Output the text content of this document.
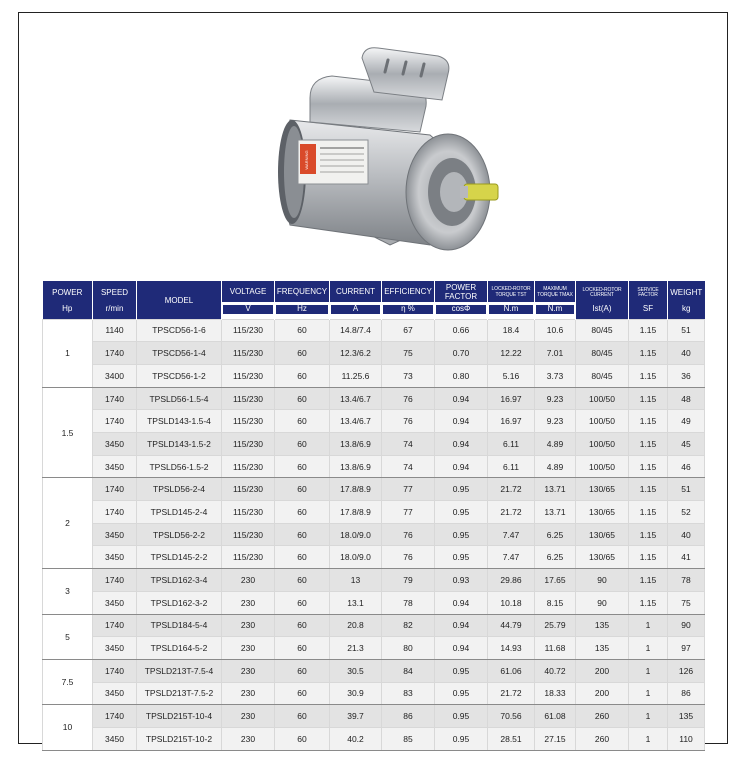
WARNING
POWER	SPEED	MODEL	VOLTAGE	FREQUENCY	CURRENT	EFFICIENCY	POWER FACTOR	LOCKED-ROTOR TORQUE TST	MAXIMUM TORQUE TMAX	LOCKED-ROTOR CURRENT	SERVICE FACTOR	WEIGHT
Hp	r/min		V	Hz	A	η %	cosΦ	N.m	N.m	Ist(A)	SF	kg
1	1140	TPSCD56-1-6	115/230	60	14.8/7.4	67	0.66	18.4	10.6	80/45	1.15	51
	1740	TPSCD56-1-4	115/230	60	12.3/6.2	75	0.70	12.22	7.01	80/45	1.15	40
	3400	TPSCD56-1-2	115/230	60	11.25.6	73	0.80	5.16	3.73	80/45	1.15	36
1.5	1740	TPSLD56-1.5-4	115/230	60	13.4/6.7	76	0.94	16.97	9.23	100/50	1.15	48
	1740	TPSLD143-1.5-4	115/230	60	13.4/6.7	76	0.94	16.97	9.23	100/50	1.15	49
	3450	TPSLD143-1.5-2	115/230	60	13.8/6.9	74	0.94	6.11	4.89	100/50	1.15	45
	3450	TPSLD56-1.5-2	115/230	60	13.8/6.9	74	0.94	6.11	4.89	100/50	1.15	46
2	1740	TPSLD56-2-4	115/230	60	17.8/8.9	77	0.95	21.72	13.71	130/65	1.15	51
	1740	TPSLD145-2-4	115/230	60	17.8/8.9	77	0.95	21.72	13.71	130/65	1.15	52
	3450	TPSLD56-2-2	115/230	60	18.0/9.0	76	0.95	7.47	6.25	130/65	1.15	40
	3450	TPSLD145-2-2	115/230	60	18.0/9.0	76	0.95	7.47	6.25	130/65	1.15	41
3	1740	TPSLD162-3-4	230	60	13	79	0.93	29.86	17.65	90	1.15	78
	3450	TPSLD162-3-2	230	60	13.1	78	0.94	10.18	8.15	90	1.15	75
5	1740	TPSLD184-5-4	230	60	20.8	82	0.94	44.79	25.79	135	1	90
	3450	TPSLD164-5-2	230	60	21.3	80	0.94	14.93	11.68	135	1	97
7.5	1740	TPSLD213T-7.5-4	230	60	30.5	84	0.95	61.06	40.72	200	1	126
	3450	TPSLD213T-7.5-2	230	60	30.9	83	0.95	21.72	18.33	200	1	86
10	1740	TPSLD215T-10-4	230	60	39.7	86	0.95	70.56	61.08	260	1	135
	3450	TPSLD215T-10-2	230	60	40.2	85	0.95	28.51	27.15	260	1	110
